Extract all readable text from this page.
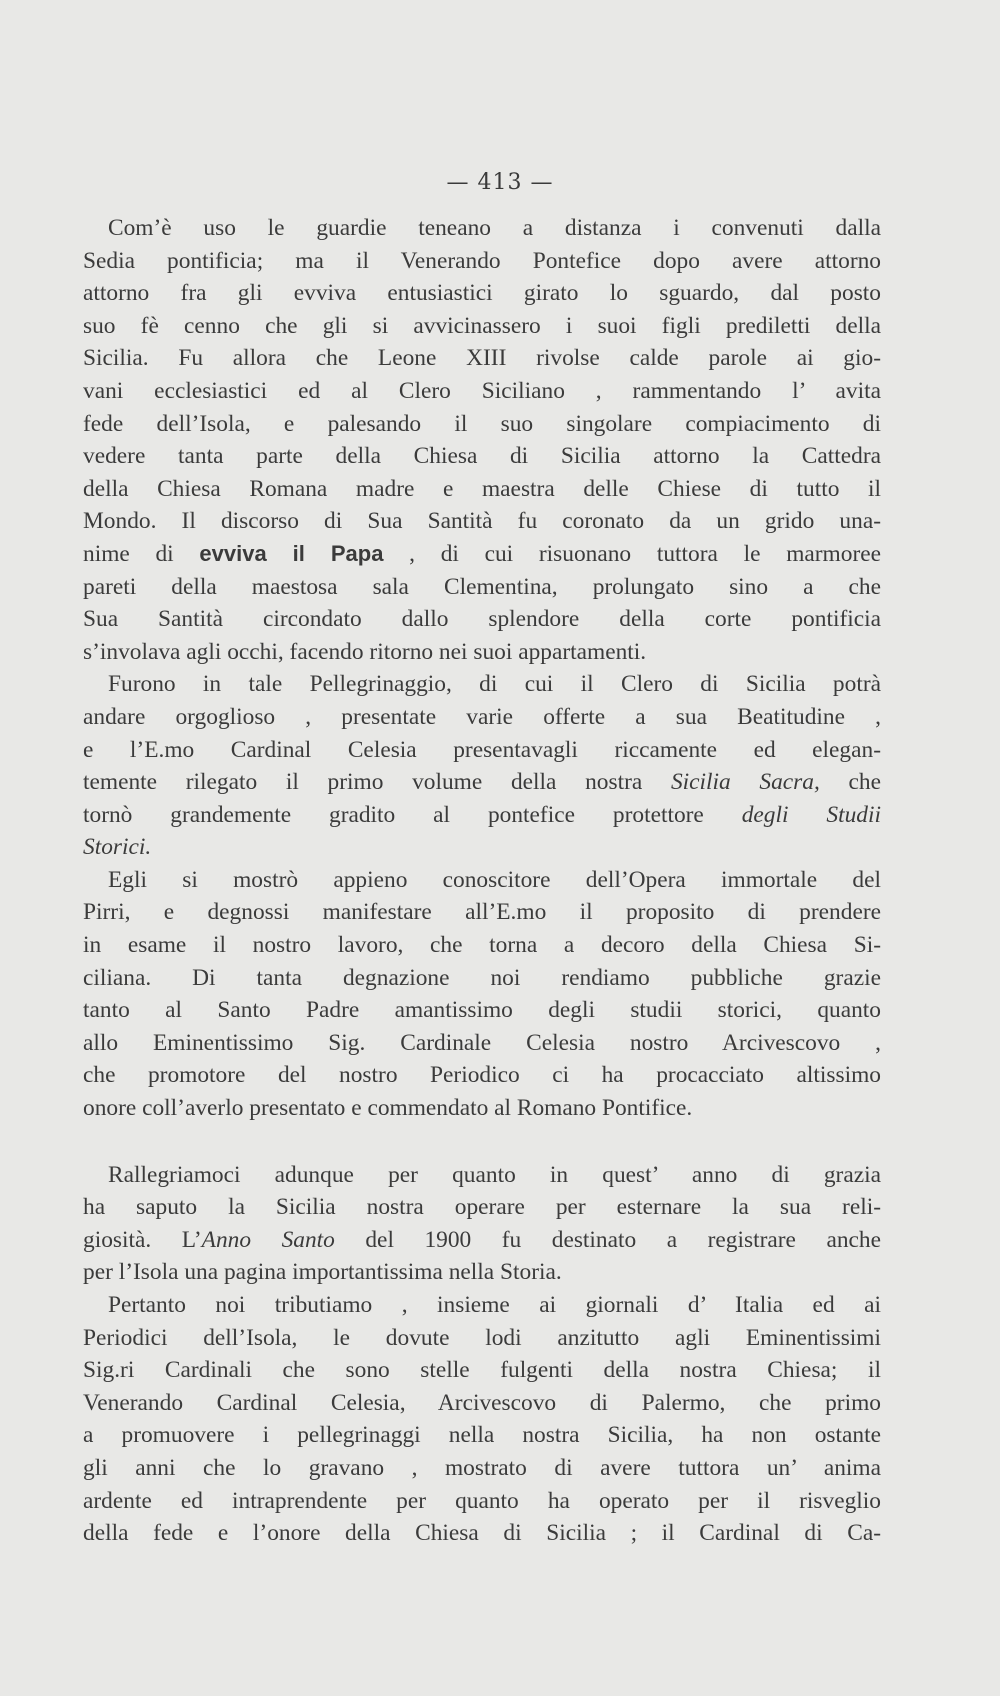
— 413 —
Com’è uso le guardie teneano a distanza i convenuti dalla
Sedia pontificia; ma il Venerando Pontefice dopo avere attorno
attorno fra gli evviva entusiastici girato lo sguardo, dal posto
suo fè cenno che gli si avvicinassero i suoi figli prediletti della
Sicilia. Fu allora che Leone XIII rivolse calde parole ai gio-
vani ecclesiastici ed al Clero Siciliano , rammentando l’ avita
fede dell’Isola, e palesando il suo singolare compiacimento di
vedere tanta parte della Chiesa di Sicilia attorno la Cattedra
della Chiesa Romana madre e maestra delle Chiese di tutto il
Mondo. Il discorso di Sua Santità fu coronato da un grido una-
nime di evviva il Papa , di cui risuonano tuttora le marmoree
pareti della maestosa sala Clementina, prolungato sino a che
Sua Santità circondato dallo splendore della corte pontificia
s’involava agli occhi, facendo ritorno nei suoi appartamenti.
Furono in tale Pellegrinaggio, di cui il Clero di Sicilia potrà
andare orgoglioso , presentate varie offerte a sua Beatitudine ,
e l’E.mo Cardinal Celesia presentavagli riccamente ed elegan-
temente rilegato il primo volume della nostra Sicilia Sacra, che
tornò grandemente gradito al pontefice protettore degli Studii
Storici.
Egli si mostrò appieno conoscitore dell’Opera immortale del
Pirri, e degnossi manifestare all’E.mo il proposito di prendere
in esame il nostro lavoro, che torna a decoro della Chiesa Si-
ciliana. Di tanta degnazione noi rendiamo pubbliche grazie
tanto al Santo Padre amantissimo degli studii storici, quanto
allo Eminentissimo Sig. Cardinale Celesia nostro Arcivescovo ,
che promotore del nostro Periodico ci ha procacciato altissimo
onore coll’averlo presentato e commendato al Romano Pontifice.
Rallegriamoci adunque per quanto in quest’ anno di grazia
ha saputo la Sicilia nostra operare per esternare la sua reli-
giosità. L’Anno Santo del 1900 fu destinato a registrare anche
per l’Isola una pagina importantissima nella Storia.
Pertanto noi tributiamo , insieme ai giornali d’ Italia ed ai
Periodici dell’Isola, le dovute lodi anzitutto agli Eminentissimi
Sig.ri Cardinali che sono stelle fulgenti della nostra Chiesa; il
Venerando Cardinal Celesia, Arcivescovo di Palermo, che primo
a promuovere i pellegrinaggi nella nostra Sicilia, ha non ostante
gli anni che lo gravano , mostrato di avere tuttora un’ anima
ardente ed intraprendente per quanto ha operato per il risveglio
della fede e l’onore della Chiesa di Sicilia ; il Cardinal di Ca-
